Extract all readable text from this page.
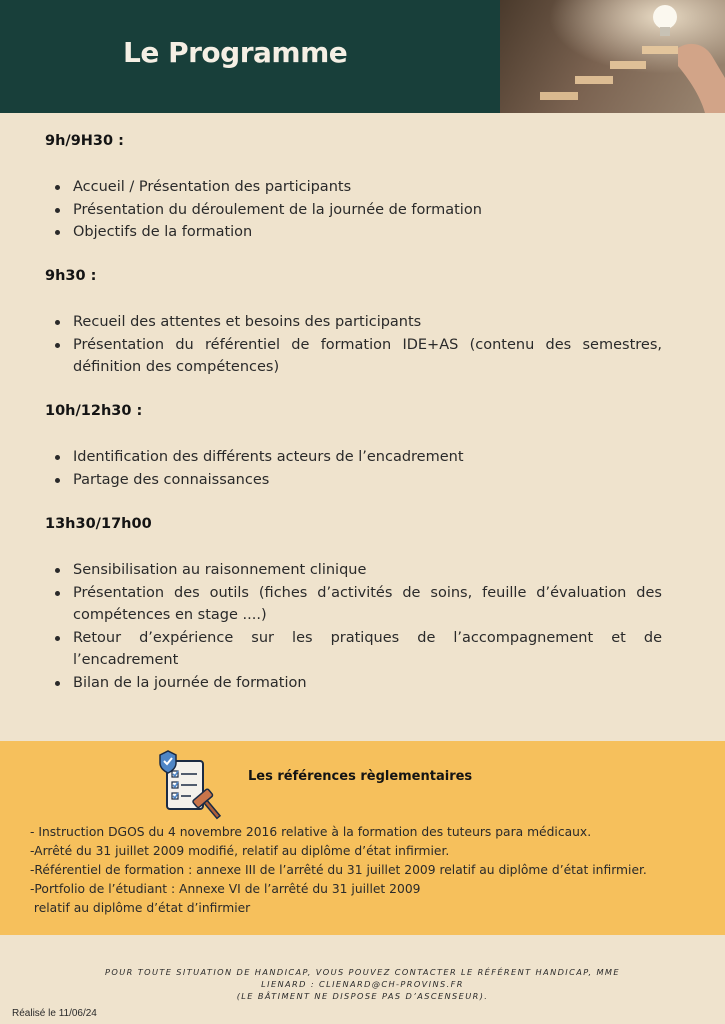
Le Programme
9h/9H30 :
Accueil / Présentation des participants
Présentation du déroulement de la journée de formation
Objectifs de la formation
9h30 :
Recueil des attentes et besoins des participants
Présentation du référentiel de formation IDE+AS (contenu des semestres, définition des compétences)
10h/12h30 :
Identification des différents acteurs de l’encadrement
Partage des connaissances
13h30/17h00
Sensibilisation au raisonnement clinique
Présentation des outils (fiches d’activités de soins, feuille d’évaluation des compétences en stage ....)
Retour d’expérience sur les pratiques de l’accompagnement et de l’encadrement
Bilan de la journée de formation
Les références règlementaires
- Instruction DGOS du 4 novembre 2016 relative à la formation des tuteurs para médicaux.
-Arrêté du 31 juillet 2009 modifié, relatif au diplôme d’état infirmier.
-Référentiel de formation : annexe III de l’arrêté du 31 juillet 2009 relatif au diplôme d’état infirmier.
-Portfolio de l’étudiant : Annexe VI de l’arrêté du 31 juillet 2009
relatif au diplôme d’état d’infirmier
POUR TOUTE SITUATION DE HANDICAP, VOUS POUVEZ CONTACTER LE RÉFÉRENT HANDICAP, MME
LIENARD : CLIENARD@CH-PROVINS.FR
(LE BÂTIMENT NE DISPOSE PAS D’ASCENSEUR).
Réalisé le 11/06/24
